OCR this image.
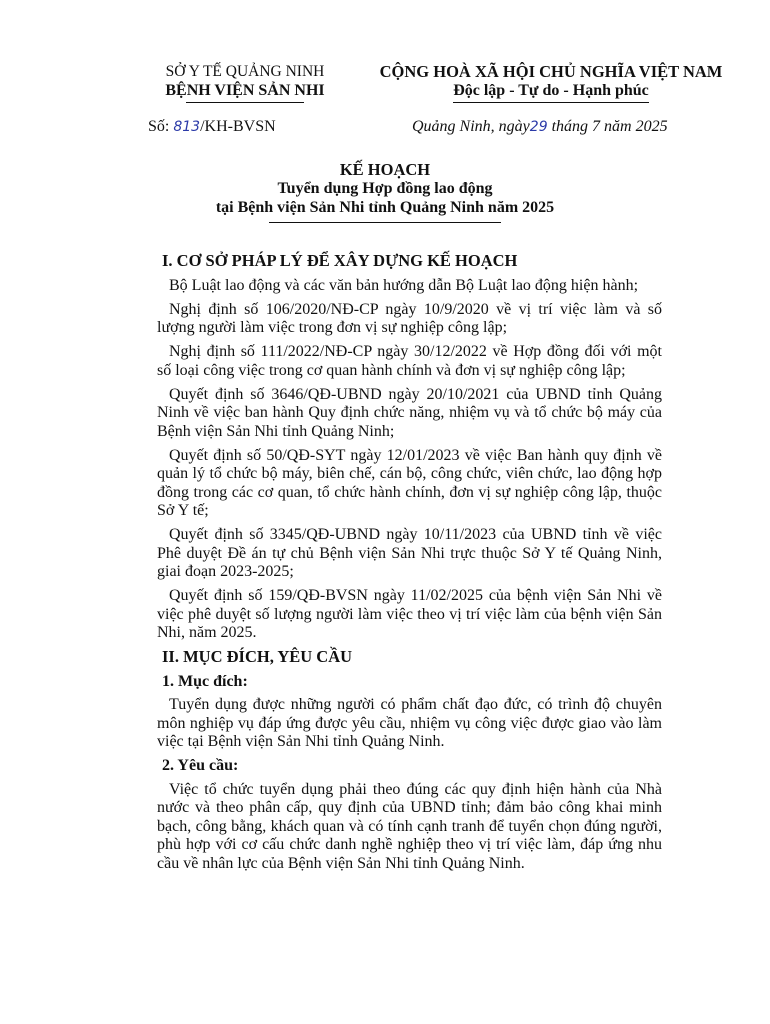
SỞ Y TẾ QUẢNG NINH
BỆNH VIỆN SẢN NHI
CỘNG HOÀ XÃ HỘI CHỦ NGHĨA VIỆT NAM
Độc lập - Tự do - Hạnh phúc
Số: 813/KH-BVSN	Quảng Ninh, ngày29 tháng 7 năm 2025
KẾ HOẠCH
Tuyển dụng Hợp đồng lao động
tại Bệnh viện Sản Nhi tỉnh Quảng Ninh năm 2025
I. CƠ SỞ PHÁP LÝ ĐỂ XÂY DỰNG KẾ HOẠCH

Bộ Luật lao động và các văn bản hướng dẫn Bộ Luật lao động hiện hành;

Nghị định số 106/2020/NĐ-CP ngày 10/9/2020 về vị trí việc làm và số lượng người làm việc trong đơn vị sự nghiệp công lập;

Nghị định số 111/2022/NĐ-CP ngày 30/12/2022 về Hợp đồng đối với một số loại công việc trong cơ quan hành chính và đơn vị sự nghiệp công lập;

Quyết định số 3646/QĐ-UBND ngày 20/10/2021 của UBND tỉnh Quảng Ninh về việc ban hành Quy định chức năng, nhiệm vụ và tổ chức bộ máy của Bệnh viện Sản Nhi tỉnh Quảng Ninh;

Quyết định số 50/QĐ-SYT ngày 12/01/2023 về việc Ban hành quy định về quản lý tổ chức bộ máy, biên chế, cán bộ, công chức, viên chức, lao động hợp đồng trong các cơ quan, tổ chức hành chính, đơn vị sự nghiệp công lập, thuộc Sở Y tế;

Quyết định số 3345/QĐ-UBND ngày 10/11/2023 của UBND tỉnh về việc Phê duyệt Đề án tự chủ Bệnh viện Sản Nhi trực thuộc Sở Y tế Quảng Ninh, giai đoạn 2023-2025;

Quyết định số 159/QĐ-BVSN ngày 11/02/2025 của bệnh viện Sản Nhi về việc phê duyệt số lượng người làm việc theo vị trí việc làm của bệnh viện Sản Nhi, năm 2025.

II. MỤC ĐÍCH, YÊU CẦU
1. Mục đích:

Tuyển dụng được những người có phẩm chất đạo đức, có trình độ chuyên môn nghiệp vụ đáp ứng được yêu cầu, nhiệm vụ công việc được giao vào làm việc tại Bệnh viện Sản Nhi tỉnh Quảng Ninh.

2. Yêu cầu:

Việc tổ chức tuyển dụng phải theo đúng các quy định hiện hành của Nhà nước và theo phân cấp, quy định của UBND tỉnh; đảm bảo công khai minh bạch, công bằng, khách quan và có tính cạnh tranh để tuyển chọn đúng người, phù hợp với cơ cấu chức danh nghề nghiệp theo vị trí việc làm, đáp ứng nhu cầu về nhân lực của Bệnh viện Sản Nhi tỉnh Quảng Ninh.
